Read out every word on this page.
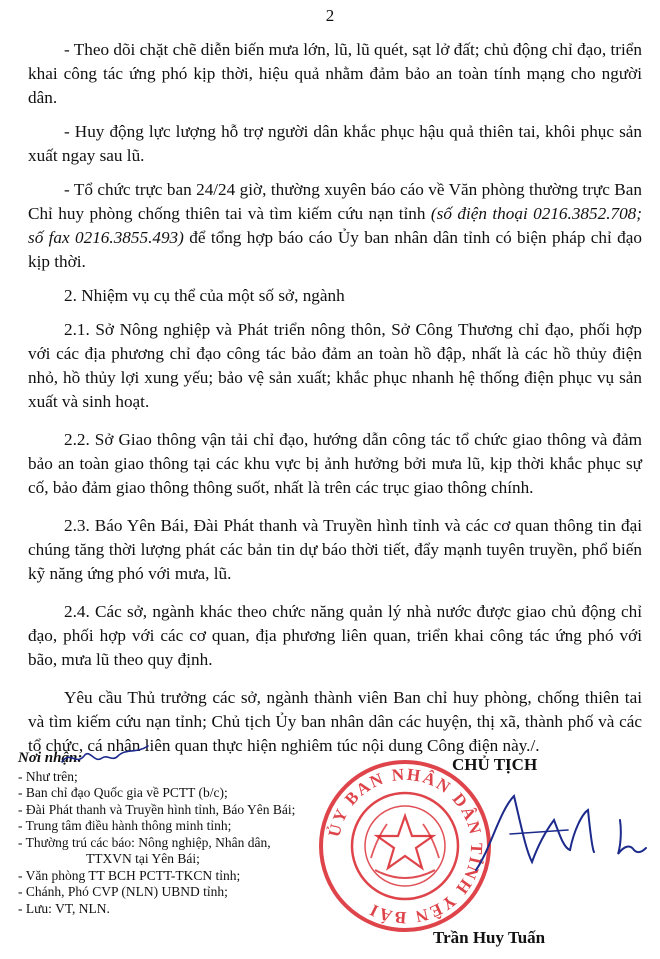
2

- Theo dõi chặt chẽ diễn biến mưa lớn, lũ, lũ quét, sạt lở đất; chủ động chỉ đạo, triển khai công tác ứng phó kịp thời, hiệu quả nhằm đảm bảo an toàn tính mạng cho người dân.

- Huy động lực lượng hỗ trợ người dân khắc phục hậu quả thiên tai, khôi phục sản xuất ngay sau lũ.

- Tổ chức trực ban 24/24 giờ, thường xuyên báo cáo về Văn phòng thường trực Ban Chỉ huy phòng chống thiên tai và tìm kiếm cứu nạn tỉnh (số điện thoại 0216.3852.708; số fax 0216.3855.493) để tổng hợp báo cáo Ủy ban nhân dân tỉnh có biện pháp chỉ đạo kịp thời.

2. Nhiệm vụ cụ thể của một số sở, ngành

2.1. Sở Nông nghiệp và Phát triển nông thôn, Sở Công Thương chỉ đạo, phối hợp với các địa phương chỉ đạo công tác bảo đảm an toàn hồ đập, nhất là các hồ thủy điện nhỏ, hồ thủy lợi xung yếu; bảo vệ sản xuất; khắc phục nhanh hệ thống điện phục vụ sản xuất và sinh hoạt.

2.2. Sở Giao thông vận tải chỉ đạo, hướng dẫn công tác tổ chức giao thông và đảm bảo an toàn giao thông tại các khu vực bị ảnh hưởng bởi mưa lũ, kịp thời khắc phục sự cố, bảo đảm giao thông thông suốt, nhất là trên các trục giao thông chính.

2.3. Báo Yên Bái, Đài Phát thanh và Truyền hình tỉnh và các cơ quan thông tin đại chúng tăng thời lượng phát các bản tin dự báo thời tiết, đẩy mạnh tuyên truyền, phổ biến kỹ năng ứng phó với mưa, lũ.

2.4. Các sở, ngành khác theo chức năng quản lý nhà nước được giao chủ động chỉ đạo, phối hợp với các cơ quan, địa phương liên quan, triển khai công tác ứng phó với bão, mưa lũ theo quy định.

Yêu cầu Thủ trưởng các sở, ngành thành viên Ban chỉ huy phòng, chống thiên tai và tìm kiếm cứu nạn tỉnh; Chủ tịch Ủy ban nhân dân các huyện, thị xã, thành phố và các tổ chức, cá nhân liên quan thực hiện nghiêm túc nội dung Công điện này./.

Nơi nhận:
- Như trên;
- Ban chỉ đạo Quốc gia về PCTT (b/c);
- Đài Phát thanh và Truyền hình tỉnh, Báo Yên Bái;
- Trung tâm điều hành thông minh tỉnh;
- Thường trú các báo: Nông nghiệp, Nhân dân,
TTXVN tại Yên Bái;
- Văn phòng TT BCH PCTT-TKCN tỉnh;
- Chánh, Phó CVP (NLN) UBND tỉnh;
- Lưu: VT, NLN.
ỦY BAN NHÂN DÂN TỈNH YÊN BÁI
CHỦ TỊCH
Trần Huy Tuấn
